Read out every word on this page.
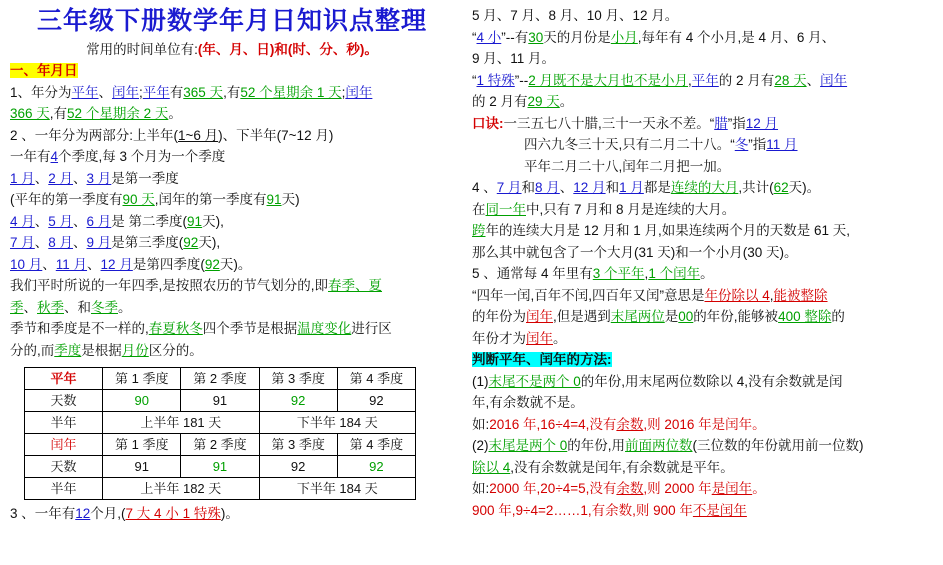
三年级下册数学年月日知识点整理
常用的时间单位有:(年、月、日)和(时、分、秒)。
一、年月日
1、年分为平年、闰年;平年有365 天,有52 个星期余 1 天;闰年
366 天,有52 个星期余 2 天。
2 、一年分为两部分:上半年(1~6 月)、下半年(7~12 月)
一年有4个季度,每 3 个月为一个季度
1 月、2 月、3 月是第一季度
(平年的第一季度有90 天,闰年的第一季度有91天)
4 月、5 月、6 月是 第二季度(91天),
7 月、8 月、9 月是第三季度(92天),
10 月、11 月、12 月是第四季度(92天)。
我们平时所说的一年四季,是按照农历的节气划分的,即春季、夏
季、秋季、和冬季。
季节和季度是不一样的,春夏秋冬四个季节是根据温度变化进行区
分的,而季度是根据月份区分的。
平年	第 1 季度	第 2 季度	第 3 季度	第 4 季度
天数	90	91	92	92
半年	上半年 181 天		下半年 184 天	
闰年	第 1 季度	第 2 季度	第 3 季度	第 4 季度
天数	91	91	92	92
半年	上半年 182 天		下半年 184 天	
3 、一年有12个月,(7 大 4 小 1 特殊)。
5 月、7 月、8 月、10 月、12 月。
“4 小”--有30天的月份是小月,每年有 4 个小月,是 4 月、6 月、
9 月、11 月。
“1 特殊”--2 月既不是大月也不是小月,平年的 2 月有28 天、闰年
的 2 月有29 天。
口诀:一三五七八十腊,三十一天永不差。“腊”指12 月
四六九冬三十天,只有二月二十八。“冬”指11 月
平年二月二十八,闰年二月把一加。
4 、7 月和8 月、12 月和1 月都是连续的大月,共计(62天)。
在同一年中,只有 7 月和 8 月是连续的大月。
跨年的连续大月是 12 月和 1 月,如果连续两个月的天数是 61 天,
那么其中就包含了一个大月(31 天)和一个小月(30 天)。
5 、通常每 4 年里有3 个平年,1 个闰年。
“四年一闰,百年不闰,四百年又闰”意思是年份除以 4,能被整除
的年份为闰年,但是遇到末尾两位是00的年份,能够被400 整除的
年份才为闰年。
判断平年、闰年的方法:
(1)末尾不是两个 0的年份,用末尾两位数除以 4,没有余数就是闰
年,有余数就不是。
如:2016 年,16÷4=4,没有余数,则 2016 年是闰年。
(2)末尾是两个 0的年份,用前面两位数(三位数的年份就用前一位数)
除以 4,没有余数就是闰年,有余数就是平年。
如:2000 年,20÷4=5,没有余数,则 2000 年是闰年。
900 年,9÷4=2……1,有余数,则 900 年不是闰年
